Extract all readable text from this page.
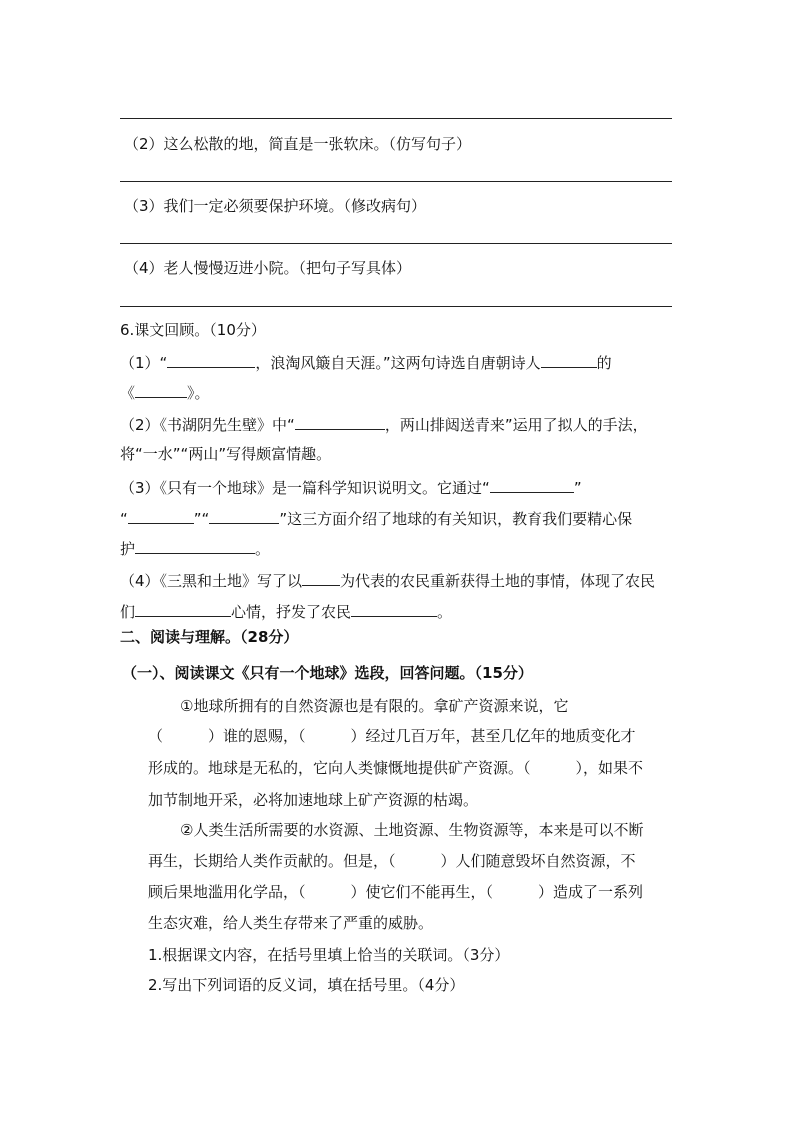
（2）这么松散的地，简直是一张软床。（仿写句子）
（3）我们一定必须要保护环境。（修改病句）
（4）老人慢慢迈进小院。（把句子写具体）
6.课文回顾。（10分）
（1）“	，浪淘风簸自天涯。”这两句诗选自唐朝诗人	的
《	》。
（2）《书湖阴先生壁》中“	，两山排闼送青来”运用了拟人的手法，
将“一水”“两山”写得颇富情趣。
（3）《只有一个地球》是一篇科学知识说明文。它通过“	”
“	”“	”这三方面介绍了地球的有关知识，教育我们要精心保
护	。
（4）《三黑和土地》写了以	为代表的农民重新获得土地的事情，体现了农民
们	心情，抒发了农民	。
二、阅读与理解。（28分）
（一）、阅读课文《只有一个地球》选段，回答问题。（15分）
①地球所拥有的自然资源也是有限的。拿矿产资源来说，它
（　　　）谁的恩赐，（　　　）经过几百万年，甚至几亿年的地质变化才
形成的。地球是无私的，它向人类慷慨地提供矿产资源。（　　　），如果不
加节制地开采，必将加速地球上矿产资源的枯竭。
②人类生活所需要的水资源、土地资源、生物资源等，本来是可以不断
再生，长期给人类作贡献的。但是，（　　　）人们随意毁坏自然资源，不
顾后果地滥用化学品，（　　　）使它们不能再生，（　　　）造成了一系列
生态灾难，给人类生存带来了严重的威胁。
1.根据课文内容，在括号里填上恰当的关联词。（3分）
2.写出下列词语的反义词，填在括号里。（4分）
